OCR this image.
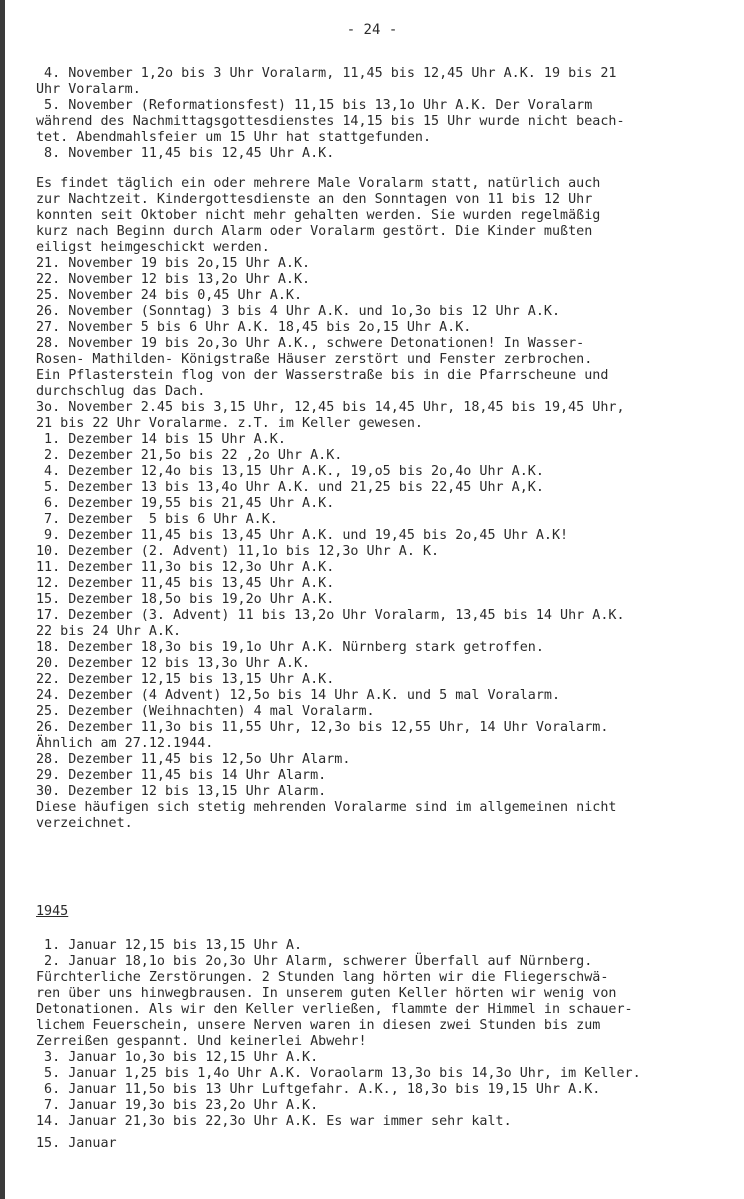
- 24 -
4. November 1,2o bis 3 Uhr Voralarm, 11,45 bis 12,45 Uhr A.K. 19 bis 21
Uhr Voralarm.
5. November (Reformationsfest) 11,15 bis 13,1o Uhr A.K. Der Voralarm
während des Nachmittagsgottesdienstes 14,15 bis 15 Uhr wurde nicht beach-
tet. Abendmahlsfeier um 15 Uhr hat stattgefunden.
8. November 11,45 bis 12,45 Uhr A.K.
Es findet täglich ein oder mehrere Male Voralarm statt, natürlich auch
zur Nachtzeit. Kindergottesdienste an den Sonntagen von 11 bis 12 Uhr
konnten seit Oktober nicht mehr gehalten werden. Sie wurden regelmäßig
kurz nach Beginn durch Alarm oder Voralarm gestört. Die Kinder mußten
eiligst heimgeschickt werden.
21. November 19 bis 2o,15 Uhr A.K.
22. November 12 bis 13,2o Uhr A.K.
25. November 24 bis 0,45 Uhr A.K.
26. November (Sonntag) 3 bis 4 Uhr A.K. und 1o,3o bis 12 Uhr A.K.
27. November 5 bis 6 Uhr A.K. 18,45 bis 2o,15 Uhr A.K.
28. November 19 bis 2o,3o Uhr A.K., schwere Detonationen! In Wasser-
Rosen- Mathilden- Königstraße Häuser zerstört und Fenster zerbrochen.
Ein Pflasterstein flog von der Wasserstraße bis in die Pfarrscheune und
durchschlug das Dach.
3o. November 2.45 bis 3,15 Uhr, 12,45 bis 14,45 Uhr, 18,45 bis 19,45 Uhr,
21 bis 22 Uhr Voralarme. z.T. im Keller gewesen.
1. Dezember 14 bis 15 Uhr A.K.
2. Dezember 21,5o bis 22 ,2o Uhr A.K.
4. Dezember 12,4o bis 13,15 Uhr A.K., 19,o5 bis 2o,4o Uhr A.K.
5. Dezember 13 bis 13,4o Uhr A.K. und 21,25 bis 22,45 Uhr A,K.
6. Dezember 19,55 bis 21,45 Uhr A.K.
7. Dezember  5 bis 6 Uhr A.K.
9. Dezember 11,45 bis 13,45 Uhr A.K. und 19,45 bis 2o,45 Uhr A.K!
10. Dezember (2. Advent) 11,1o bis 12,3o Uhr A. K.
11. Dezember 11,3o bis 12,3o Uhr A.K.
12. Dezember 11,45 bis 13,45 Uhr A.K.
15. Dezember 18,5o bis 19,2o Uhr A.K.
17. Dezember (3. Advent) 11 bis 13,2o Uhr Voralarm, 13,45 bis 14 Uhr A.K.
22 bis 24 Uhr A.K.
18. Dezember 18,3o bis 19,1o Uhr A.K. Nürnberg stark getroffen.
20. Dezember 12 bis 13,3o Uhr A.K.
22. Dezember 12,15 bis 13,15 Uhr A.K.
24. Dezember (4 Advent) 12,5o bis 14 Uhr A.K. und 5 mal Voralarm.
25. Dezember (Weihnachten) 4 mal Voralarm.
26. Dezember 11,3o bis 11,55 Uhr, 12,3o bis 12,55 Uhr, 14 Uhr Voralarm.
Ähnlich am 27.12.1944.
28. Dezember 11,45 bis 12,5o Uhr Alarm.
29. Dezember 11,45 bis 14 Uhr Alarm.
30. Dezember 12 bis 13,15 Uhr Alarm.
Diese häufigen sich stetig mehrenden Voralarme sind im allgemeinen nicht
verzeichnet.
1945
1. Januar 12,15 bis 13,15 Uhr A.
2. Januar 18,1o bis 2o,3o Uhr Alarm, schwerer Überfall auf Nürnberg.
Fürchterliche Zerstörungen. 2 Stunden lang hörten wir die Fliegerschwä-
ren über uns hinwegbrausen. In unserem guten Keller hörten wir wenig von
Detonationen. Als wir den Keller verließen, flammte der Himmel in schauer-
lichem Feuerschein, unsere Nerven waren in diesen zwei Stunden bis zum
Zerreißen gespannt. Und keinerlei Abwehr!
3. Januar 1o,3o bis 12,15 Uhr A.K.
5. Januar 1,25 bis 1,4o Uhr A.K. Voraolarm 13,3o bis 14,3o Uhr, im Keller.
6. Januar 11,5o bis 13 Uhr Luftgefahr. A.K., 18,3o bis 19,15 Uhr A.K.
7. Januar 19,3o bis 23,2o Uhr A.K.
14. Januar 21,3o bis 22,3o Uhr A.K. Es war immer sehr kalt.
15. Januar
